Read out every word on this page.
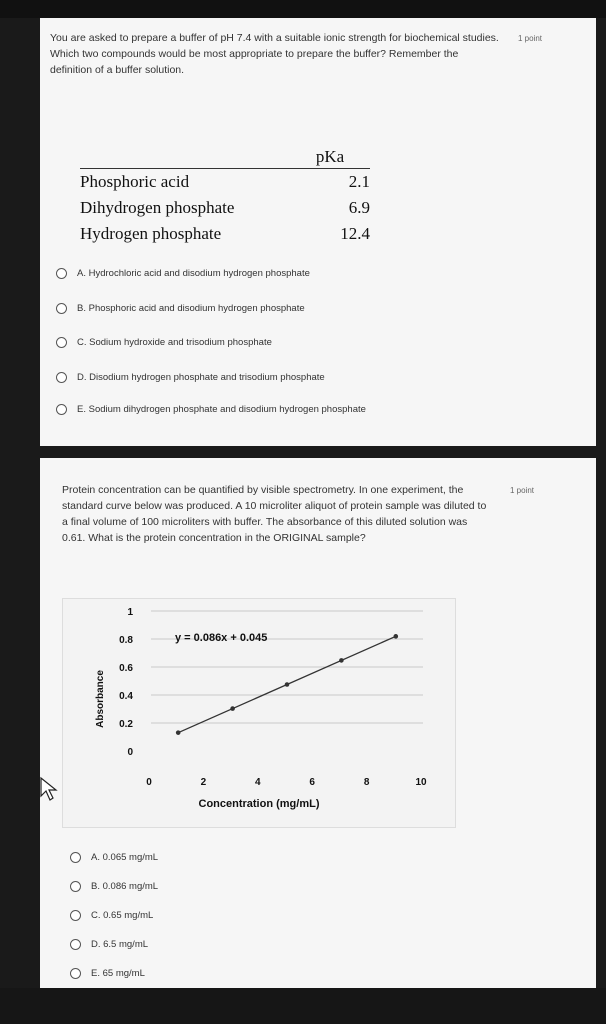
You are asked to prepare a buffer of pH 7.4 with a suitable ionic strength for biochemical studies. Which two compounds would be most appropriate to prepare the buffer? Remember the definition of a buffer solution.
1 point
	pKa
Phosphoric acid	2.1
Dihydrogen phosphate	6.9
Hydrogen phosphate	12.4
A. Hydrochloric acid and disodium hydrogen phosphate
B. Phosphoric acid and disodium hydrogen phosphate
C. Sodium hydroxide and trisodium phosphate
D. Disodium hydrogen phosphate and trisodium phosphate
E. Sodium dihydrogen phosphate and disodium hydrogen phosphate
Protein concentration can be quantified by visible spectrometry. In one experiment, the standard curve below was produced. A 10 microliter aliquot of protein sample was diluted to a final volume of 100 microliters with buffer. The absorbance of this diluted solution was 0.61. What is the protein concentration in the ORIGINAL sample?
1 point
A. 0.065 mg/mL
B. 0.086 mg/mL
C. 0.65 mg/mL
D. 6.5 mg/mL
E. 65 mg/mL
0
0.2
0.4
0.6
0.8
1
0	2	4	6	8	10
y = 0.086x + 0.045
Concentration (mg/mL)
Absorbance
